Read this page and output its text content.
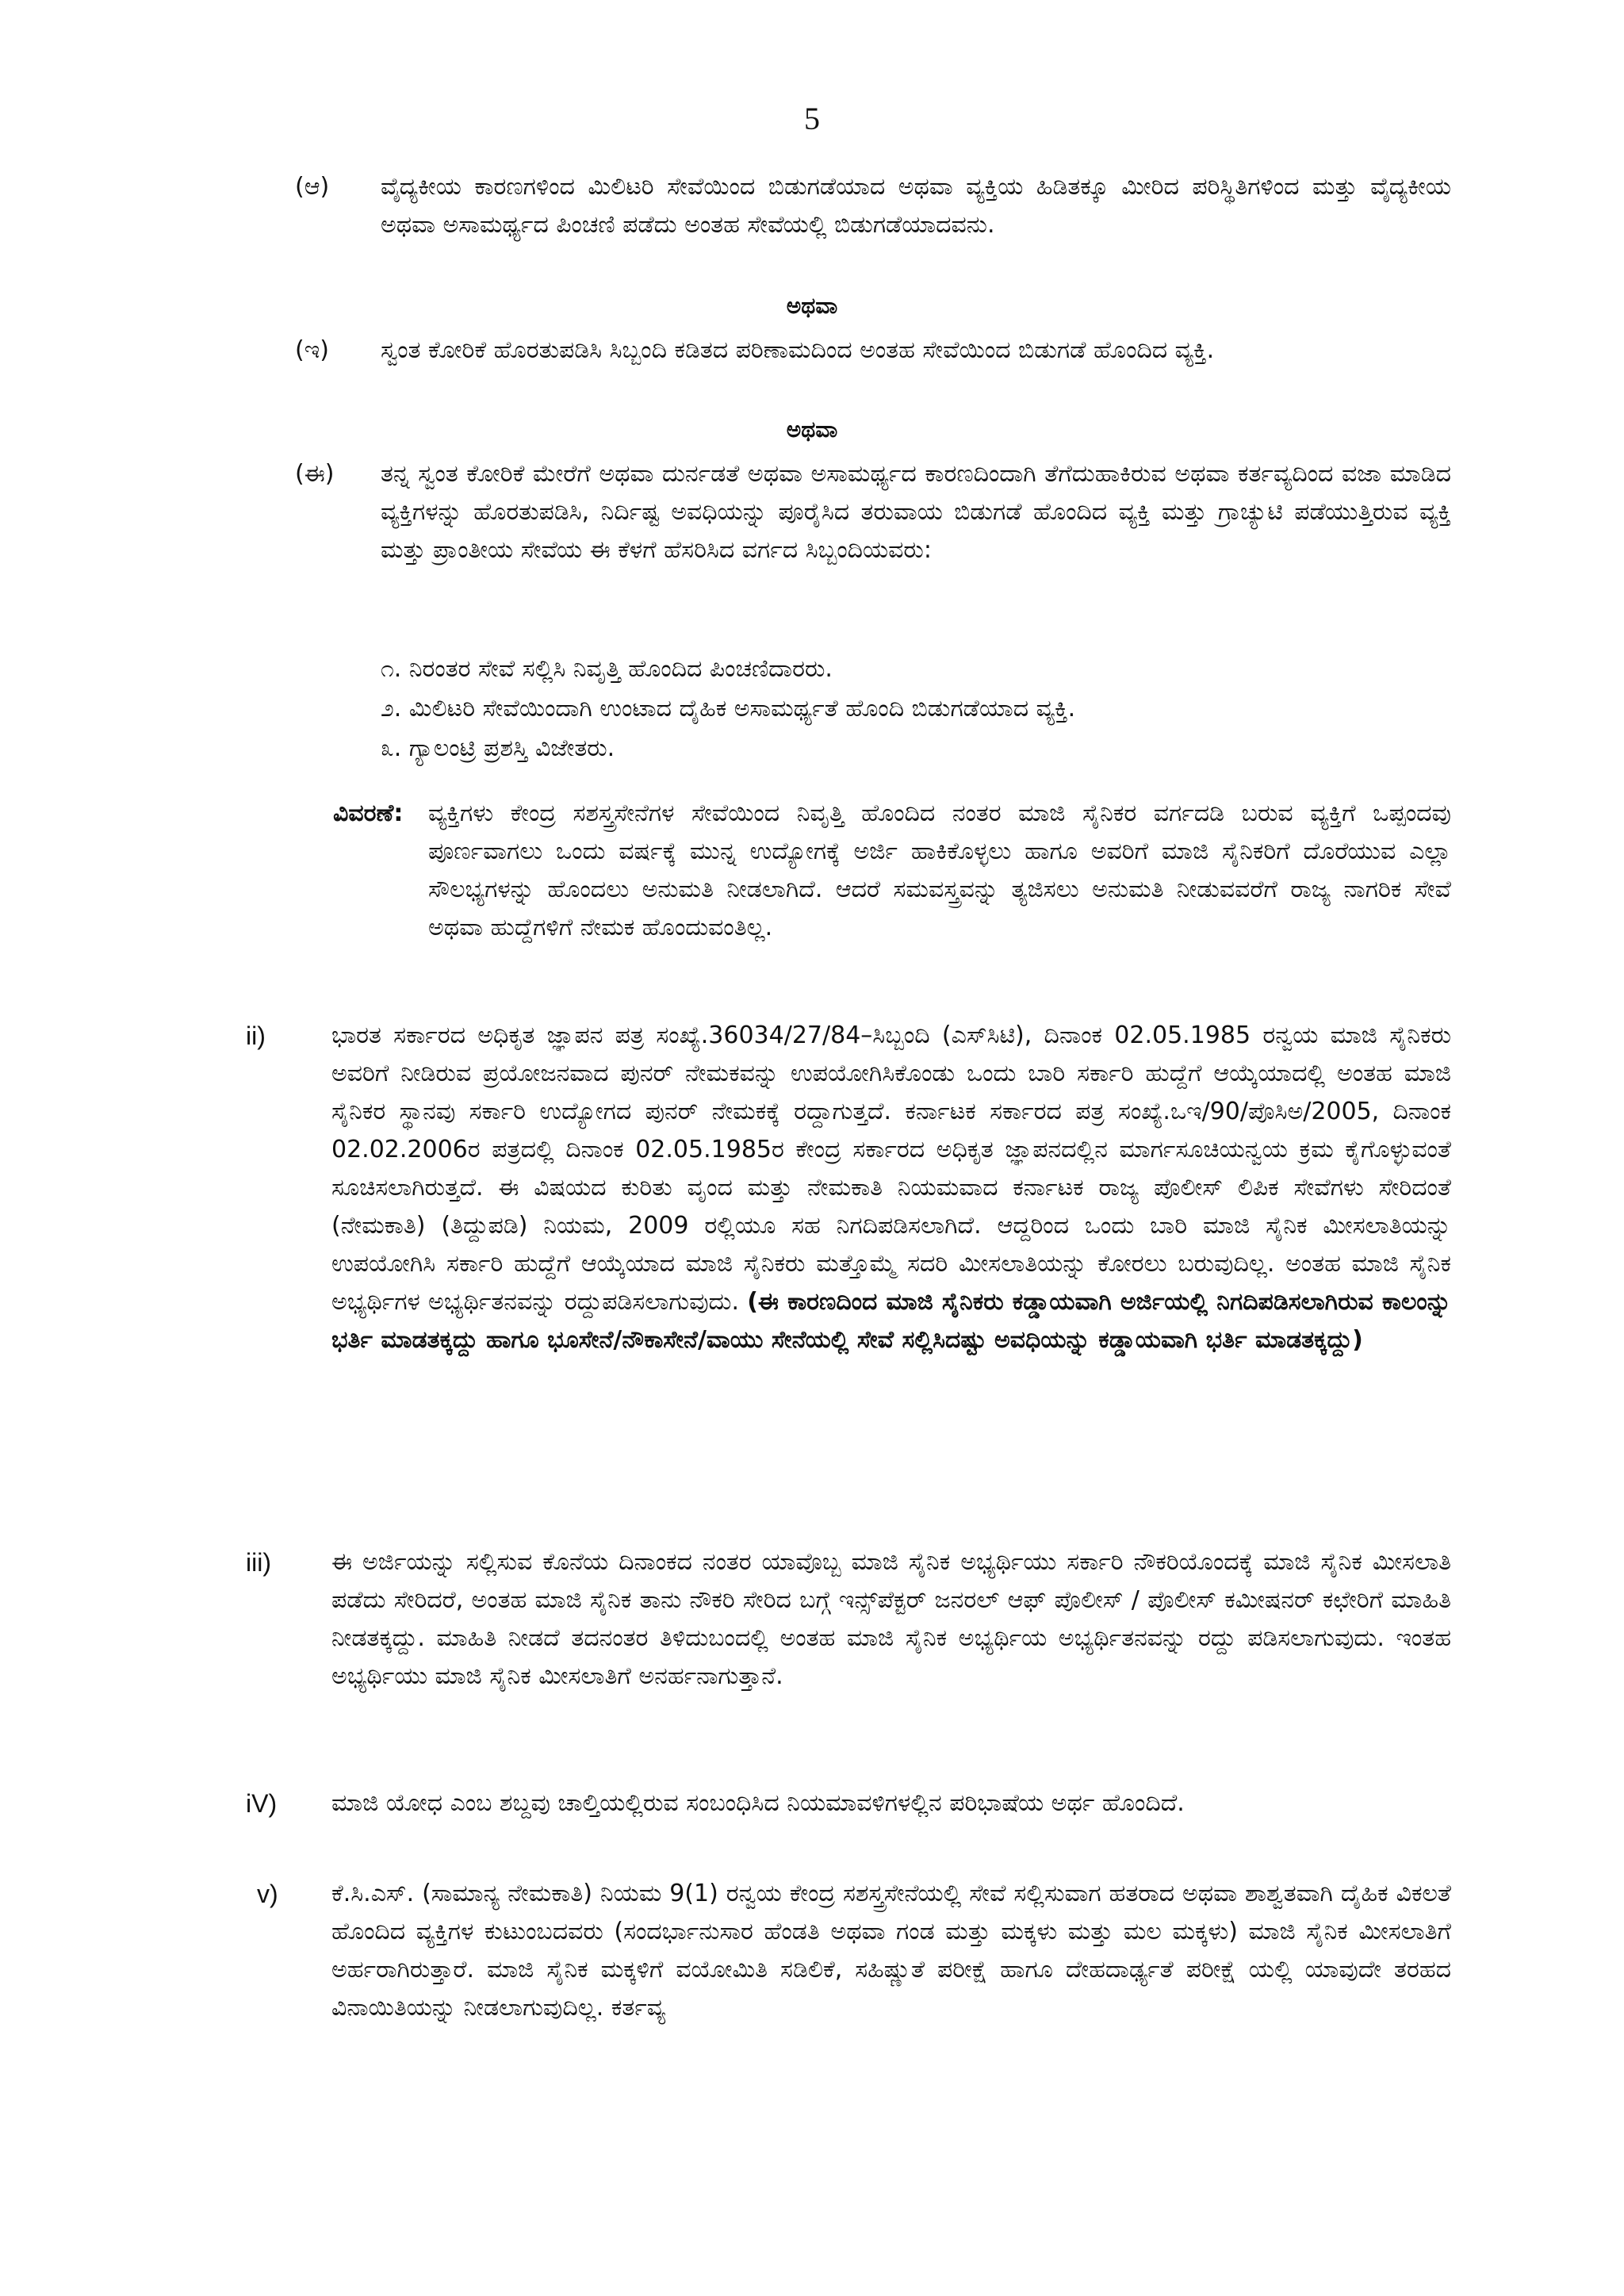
5
(ಆ) ವೈದ್ಯಕೀಯ ಕಾರಣಗಳಿಂದ ಮಿಲಿಟರಿ ಸೇವೆಯಿಂದ ಬಿಡುಗಡೆಯಾದ ಅಥವಾ ವ್ಯಕ್ತಿಯ ಹಿಡಿತಕ್ಕೂ ಮೀರಿದ ಪರಿಸ್ಥಿತಿಗಳಿಂದ ಮತ್ತು ವೈದ್ಯಕೀಯ ಅಥವಾ ಅಸಾಮರ್ಥ್ಯದ ಪಿಂಚಣಿ ಪಡೆದು ಅಂತಹ ಸೇವೆಯಲ್ಲಿ ಬಿಡುಗಡೆಯಾದವನು.
ಅಥವಾ
(ಇ) ಸ್ವಂತ ಕೋರಿಕೆ ಹೊರತುಪಡಿಸಿ ಸಿಬ್ಬಂದಿ ಕಡಿತದ ಪರಿಣಾಮದಿಂದ ಅಂತಹ ಸೇವೆಯಿಂದ ಬಿಡುಗಡೆ ಹೊಂದಿದ ವ್ಯಕ್ತಿ.
ಅಥವಾ
(ಈ) ತನ್ನ ಸ್ವಂತ ಕೋರಿಕೆ ಮೇರೆಗೆ ಅಥವಾ ದುರ್ನಡತೆ ಅಥವಾ ಅಸಾಮರ್ಥ್ಯದ ಕಾರಣದಿಂದಾಗಿ ತೆಗೆದುಹಾಕಿರುವ ಅಥವಾ ಕರ್ತವ್ಯದಿಂದ ವಜಾ ಮಾಡಿದ ವ್ಯಕ್ತಿಗಳನ್ನು ಹೊರತುಪಡಿಸಿ, ನಿರ್ದಿಷ್ಟ ಅವಧಿಯನ್ನು ಪೂರೈಸಿದ ತರುವಾಯ ಬಿಡುಗಡೆ ಹೊಂದಿದ ವ್ಯಕ್ತಿ ಮತ್ತು ಗ್ರಾಚ್ಯುಟಿ ಪಡೆಯುತ್ತಿರುವ ವ್ಯಕ್ತಿ ಮತ್ತು ಪ್ರಾಂತೀಯ ಸೇವೆಯ ಈ ಕೆಳಗೆ ಹೆಸರಿಸಿದ ವರ್ಗದ ಸಿಬ್ಬಂದಿಯವರು:
೧. ನಿರಂತರ ಸೇವೆ ಸಲ್ಲಿಸಿ ನಿವೃತ್ತಿ ಹೊಂದಿದ ಪಿಂಚಣಿದಾರರು.
೨. ಮಿಲಿಟರಿ ಸೇವೆಯಿಂದಾಗಿ ಉಂಟಾದ ದೈಹಿಕ ಅಸಾಮರ್ಥ್ಯತೆ ಹೊಂದಿ ಬಿಡುಗಡೆಯಾದ ವ್ಯಕ್ತಿ.
೩. ಗ್ಯಾಲಂಟ್ರಿ ಪ್ರಶಸ್ತಿ ವಿಜೇತರು.
ವಿವರಣೆ: ವ್ಯಕ್ತಿಗಳು ಕೇಂದ್ರ ಸಶಸ್ತ್ರಸೇನೆಗಳ ಸೇವೆಯಿಂದ ನಿವೃತ್ತಿ ಹೊಂದಿದ ನಂತರ ಮಾಜಿ ಸೈನಿಕರ ವರ್ಗದಡಿ ಬರುವ ವ್ಯಕ್ತಿಗೆ ಒಪ್ಪಂದವು ಪೂರ್ಣವಾಗಲು ಒಂದು ವರ್ಷಕ್ಕೆ ಮುನ್ನ ಉದ್ಯೋಗಕ್ಕೆ ಅರ್ಜಿ ಹಾಕಿಕೊಳ್ಳಲು ಹಾಗೂ ಅವರಿಗೆ ಮಾಜಿ ಸೈನಿಕರಿಗೆ ದೊರೆಯುವ ಎಲ್ಲಾ ಸೌಲಭ್ಯಗಳನ್ನು ಹೊಂದಲು ಅನುಮತಿ ನೀಡಲಾಗಿದೆ. ಆದರೆ ಸಮವಸ್ತ್ರವನ್ನು ತ್ಯಜಿಸಲು ಅನುಮತಿ ನೀಡುವವರೆಗೆ ರಾಜ್ಯ ನಾಗರಿಕ ಸೇವೆ ಅಥವಾ ಹುದ್ದೆಗಳಿಗೆ ನೇಮಕ ಹೊಂದುವಂತಿಲ್ಲ.
ii)	ಭಾರತ ಸರ್ಕಾರದ ಅಧಿಕೃತ ಜ್ಞಾಪನ ಪತ್ರ ಸಂಖ್ಯೆ.36034/27/84–ಸಿಬ್ಬಂದಿ (ಎಸ್‌ಸಿಟಿ), ದಿನಾಂಕ 02.05.1985 ರನ್ವಯ ಮಾಜಿ ಸೈನಿಕರು ಅವರಿಗೆ ನೀಡಿರುವ ಪ್ರಯೋಜನವಾದ ಪುನರ್ ನೇಮಕವನ್ನು ಉಪಯೋಗಿಸಿಕೊಂಡು ಒಂದು ಬಾರಿ ಸರ್ಕಾರಿ ಹುದ್ದೆಗೆ ಆಯ್ಕೆಯಾದಲ್ಲಿ ಅಂತಹ ಮಾಜಿ ಸೈನಿಕರ ಸ್ಥಾನವು ಸರ್ಕಾರಿ ಉದ್ಯೋಗದ ಪುನರ್ ನೇಮಕಕ್ಕೆ ರದ್ದಾಗುತ್ತದೆ. ಕರ್ನಾಟಕ ಸರ್ಕಾರದ ಪತ್ರ ಸಂಖ್ಯೆ.ಒಇ/90/ಪೊಸಿಅ/2005, ದಿನಾಂಕ 02.02.2006ರ ಪತ್ರದಲ್ಲಿ ದಿನಾಂಕ 02.05.1985ರ ಕೇಂದ್ರ ಸರ್ಕಾರದ ಅಧಿಕೃತ ಜ್ಞಾಪನದಲ್ಲಿನ ಮಾರ್ಗಸೂಚಿಯನ್ವಯ ಕ್ರಮ ಕೈಗೊಳ್ಳುವಂತೆ ಸೂಚಿಸಲಾಗಿರುತ್ತದೆ. ಈ ವಿಷಯದ ಕುರಿತು ವೃಂದ ಮತ್ತು ನೇಮಕಾತಿ ನಿಯಮವಾದ ಕರ್ನಾಟಕ ರಾಜ್ಯ ಪೊಲೀಸ್ ಲಿಪಿಕ ಸೇವೆಗಳು ಸೇರಿದಂತೆ (ನೇಮಕಾತಿ) (ತಿದ್ದುಪಡಿ) ನಿಯಮ, 2009 ರಲ್ಲಿಯೂ ಸಹ ನಿಗದಿಪಡಿಸಲಾಗಿದೆ. ಆದ್ದರಿಂದ ಒಂದು ಬಾರಿ ಮಾಜಿ ಸೈನಿಕ ಮೀಸಲಾತಿಯನ್ನು ಉಪಯೋಗಿಸಿ ಸರ್ಕಾರಿ ಹುದ್ದೆಗೆ ಆಯ್ಕೆಯಾದ ಮಾಜಿ ಸೈನಿಕರು ಮತ್ತೊಮ್ಮೆ ಸದರಿ ಮೀಸಲಾತಿಯನ್ನು ಕೋರಲು ಬರುವುದಿಲ್ಲ. ಅಂತಹ ಮಾಜಿ ಸೈನಿಕ ಅಭ್ಯರ್ಥಿಗಳ ಅಭ್ಯರ್ಥಿತನವನ್ನು ರದ್ದುಪಡಿಸಲಾಗುವುದು. (ಈ ಕಾರಣದಿಂದ ಮಾಜಿ ಸೈನಿಕರು ಕಡ್ಡಾಯವಾಗಿ ಅರ್ಜಿಯಲ್ಲಿ ನಿಗದಿಪಡಿಸಲಾಗಿರುವ ಕಾಲಂನ್ನು ಭರ್ತಿ ಮಾಡತಕ್ಕದ್ದು ಹಾಗೂ ಭೂಸೇನೆ/ನೌಕಾಸೇನೆ/ವಾಯು ಸೇನೆಯಲ್ಲಿ ಸೇವೆ ಸಲ್ಲಿಸಿದಷ್ಟು ಅವಧಿಯನ್ನು ಕಡ್ಡಾಯವಾಗಿ ಭರ್ತಿ ಮಾಡತಕ್ಕದ್ದು)
iii)	ಈ ಅರ್ಜಿಯನ್ನು ಸಲ್ಲಿಸುವ ಕೊನೆಯ ದಿನಾಂಕದ ನಂತರ ಯಾವೊಬ್ಬ ಮಾಜಿ ಸೈನಿಕ ಅಭ್ಯರ್ಥಿಯು ಸರ್ಕಾರಿ ನೌಕರಿಯೊಂದಕ್ಕೆ ಮಾಜಿ ಸೈನಿಕ ಮೀಸಲಾತಿ ಪಡೆದು ಸೇರಿದರೆ, ಅಂತಹ ಮಾಜಿ ಸೈನಿಕ ತಾನು ನೌಕರಿ ಸೇರಿದ ಬಗ್ಗೆ ಇನ್ಸ್‌ಪೆಕ್ಟರ್ ಜನರಲ್ ಆಫ್ ಪೊಲೀಸ್ / ಪೊಲೀಸ್ ಕಮೀಷನರ್ ಕಛೇರಿಗೆ ಮಾಹಿತಿ ನೀಡತಕ್ಕದ್ದು. ಮಾಹಿತಿ ನೀಡದೆ ತದನಂತರ ತಿಳಿದುಬಂದಲ್ಲಿ ಅಂತಹ ಮಾಜಿ ಸೈನಿಕ ಅಭ್ಯರ್ಥಿಯ ಅಭ್ಯರ್ಥಿತನವನ್ನು ರದ್ದು ಪಡಿಸಲಾಗುವುದು. ಇಂತಹ ಅಭ್ಯರ್ಥಿಯು ಮಾಜಿ ಸೈನಿಕ ಮೀಸಲಾತಿಗೆ ಅನರ್ಹನಾಗುತ್ತಾನೆ.
iV) ಮಾಜಿ ಯೋಧ ಎಂಬ ಶಬ್ದವು ಚಾಲ್ತಿಯಲ್ಲಿರುವ ಸಂಬಂಧಿಸಿದ ನಿಯಮಾವಳಿಗಳಲ್ಲಿನ ಪರಿಭಾಷೆಯ ಅರ್ಥ ಹೊಂದಿದೆ.
v) ಕೆ.ಸಿ.ಎಸ್. (ಸಾಮಾನ್ಯ ನೇಮಕಾತಿ) ನಿಯಮ 9(1) ರನ್ವಯ ಕೇಂದ್ರ ಸಶಸ್ತ್ರಸೇನೆಯಲ್ಲಿ ಸೇವೆ ಸಲ್ಲಿಸುವಾಗ ಹತರಾದ ಅಥವಾ ಶಾಶ್ವತವಾಗಿ ದೈಹಿಕ ವಿಕಲತೆ ಹೊಂದಿದ ವ್ಯಕ್ತಿಗಳ ಕುಟುಂಬದವರು (ಸಂದರ್ಭಾನುಸಾರ ಹೆಂಡತಿ ಅಥವಾ ಗಂಡ ಮತ್ತು ಮಕ್ಕಳು ಮತ್ತು ಮಲ ಮಕ್ಕಳು) ಮಾಜಿ ಸೈನಿಕ ಮೀಸಲಾತಿಗೆ ಅರ್ಹರಾಗಿರುತ್ತಾರೆ. ಮಾಜಿ ಸೈನಿಕ ಮಕ್ಕಳಿಗೆ ವಯೋಮಿತಿ ಸಡಿಲಿಕೆ, ಸಹಿಷ್ಣುತೆ ಪರೀಕ್ಷೆ ಹಾಗೂ ದೇಹದಾರ್ಢ್ಯತೆ ಪರೀಕ್ಷೆ ಯಲ್ಲಿ ಯಾವುದೇ ತರಹದ ವಿನಾಯಿತಿಯನ್ನು ನೀಡಲಾಗುವುದಿಲ್ಲ. ಕರ್ತವ್ಯ
